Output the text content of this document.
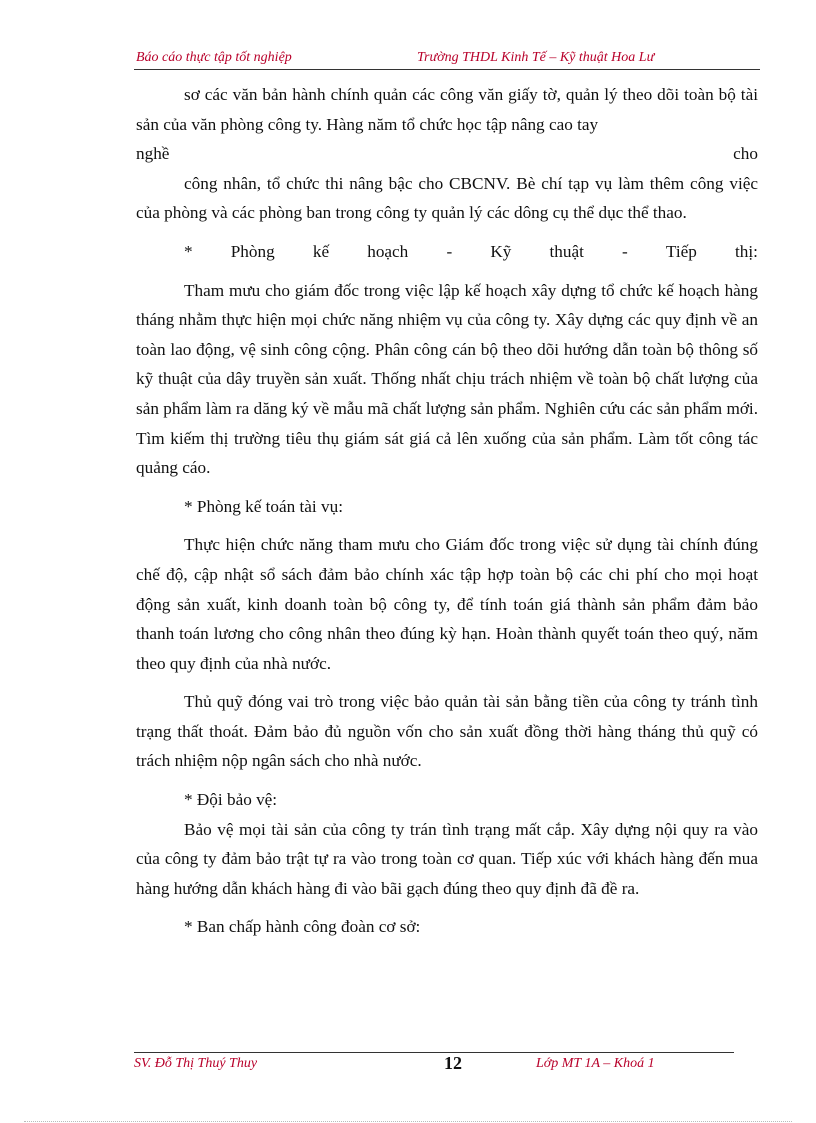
Báo cáo thực tập tốt nghiệp	Trường THDL Kinh Tế – Kỹ thuật Hoa Lư

sơ các văn bản hành chính quản các công văn giấy tờ, quản lý theo dõi toàn bộ tài sản của văn phòng công ty. Hàng năm tổ chức học tập nâng cao tay

nghề	cho

công nhân, tổ chức thi nâng bậc cho CBCNV. Bè chí tạp vụ làm thêm công việc của phòng và các phòng ban trong công ty quản lý các dông cụ thể dục thể thao.

* Phòng kế hoạch - Kỹ thuật - Tiếp thị:

Tham mưu cho giám đốc trong việc lập kế hoạch xây dựng tổ chức kế hoạch hàng tháng nhằm thực hiện mọi chức năng nhiệm vụ của công ty. Xây dựng các quy định về an toàn lao động, vệ sinh công cộng. Phân công cán bộ theo dõi hướng dẫn toàn bộ thông số kỹ thuật của dây truyền sản xuất. Thống nhất chịu trách nhiệm về toàn bộ chất lượng của sản phẩm làm ra dăng ký về mẫu mã chất lượng sản phẩm. Nghiên cứu các sản phẩm mới. Tìm kiếm thị trường tiêu thụ giám sát giá cả lên xuống của sản phẩm. Làm tốt công tác quảng cáo.

* Phòng kế toán tài vụ:

Thực hiện chức năng tham mưu cho Giám đốc trong việc sử dụng tài chính đúng chế độ, cập nhật sổ sách đảm bảo chính xác tập hợp toàn bộ các chi phí cho mọi hoạt động sản xuất, kinh doanh toàn bộ công ty, để tính toán giá thành sản phẩm đảm bảo thanh toán lương cho công nhân theo đúng kỳ hạn. Hoàn thành quyết toán theo quý, năm theo quy định của nhà nước.

Thủ quỹ đóng vai trò trong việc bảo quản tài sản bằng tiền của công ty tránh tình trạng thất thoát. Đảm bảo đủ nguồn vốn cho sản xuất đồng thời hàng tháng thủ quỹ có trách nhiệm nộp ngân sách cho nhà nước.

* Đội bảo vệ:

Bảo vệ mọi tài sản của công ty trán tình trạng mất cắp. Xây dựng nội quy ra vào của công ty đảm bảo trật tự ra vào trong toàn cơ quan. Tiếp xúc với khách hàng đến mua hàng hướng dẫn khách hàng đi vào bãi gạch đúng theo quy định đã đề ra.

* Ban chấp hành công đoàn cơ sở:

SV. Đỗ Thị Thuý Thuy	12	Lớp MT 1A – Khoá 1
